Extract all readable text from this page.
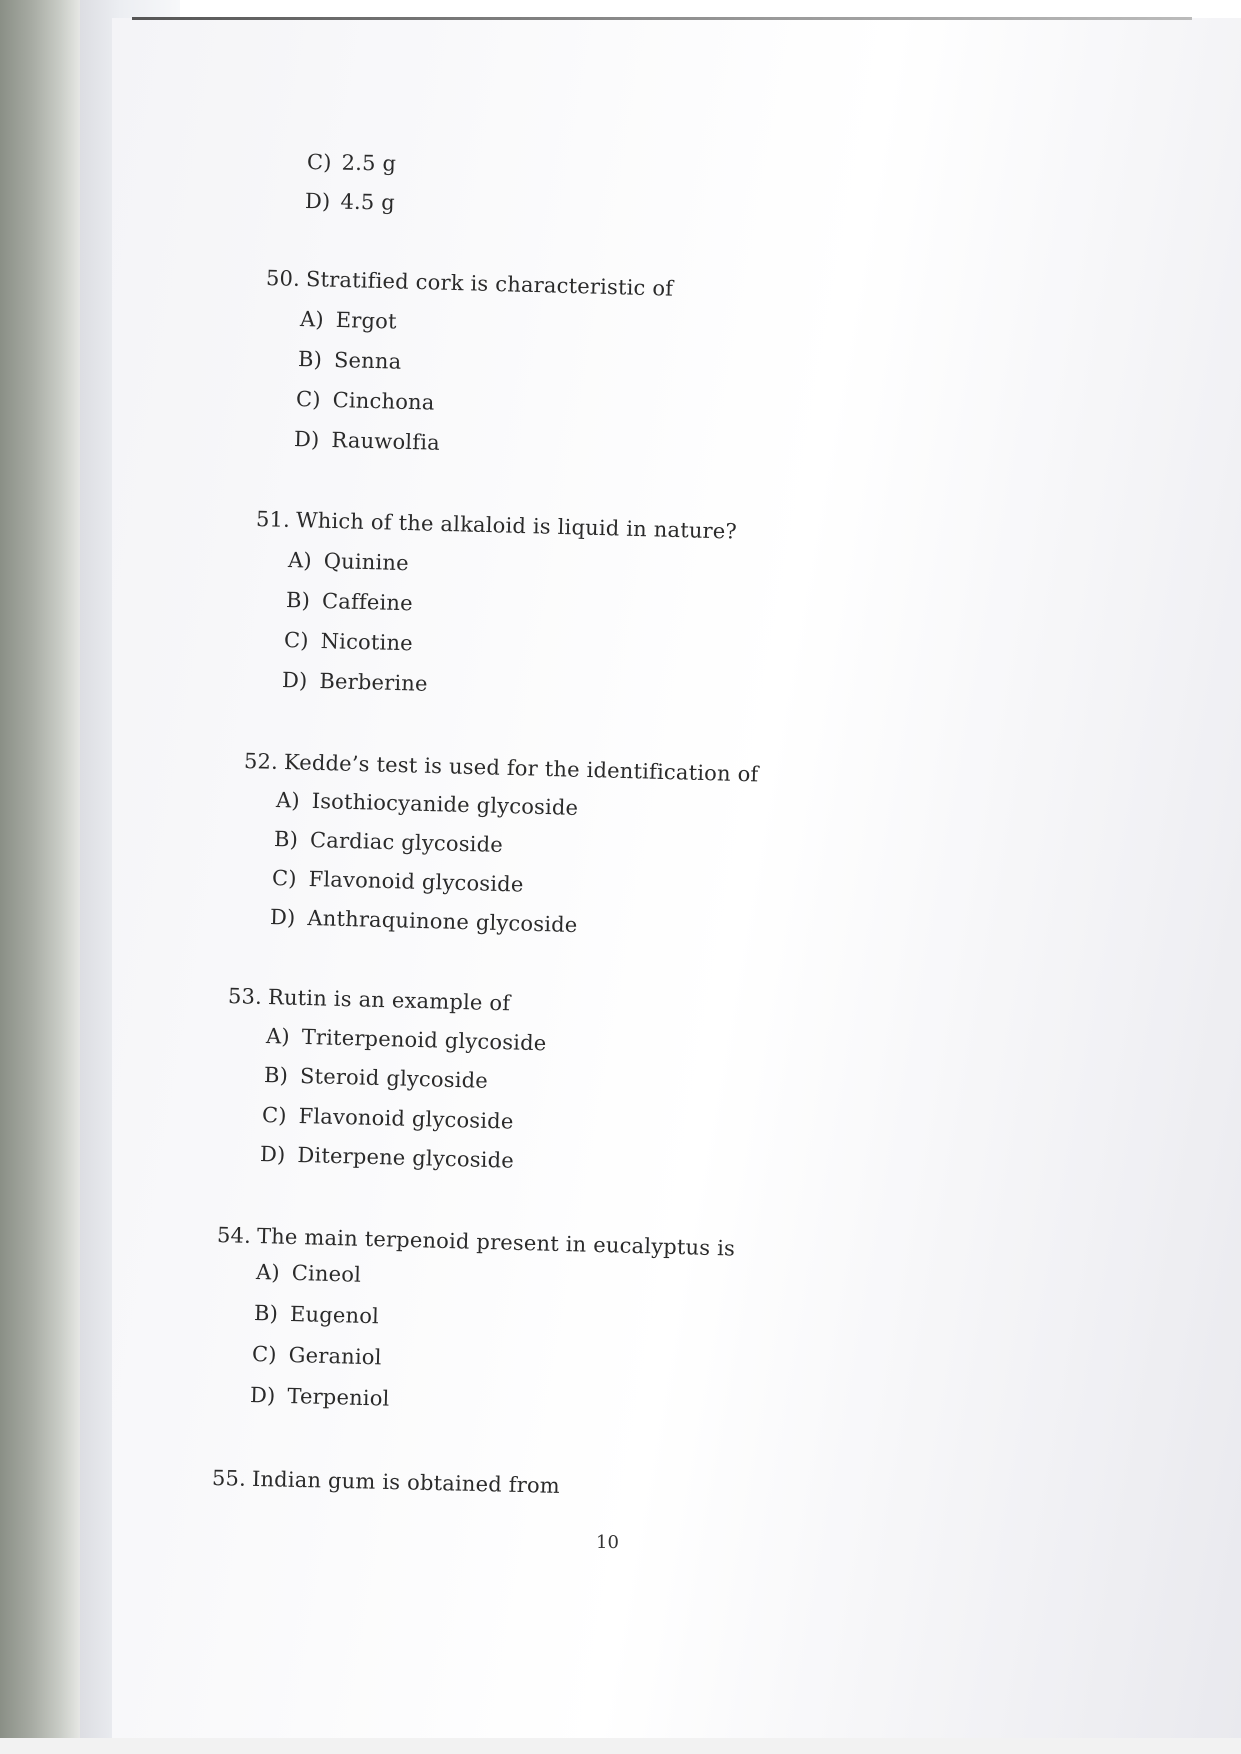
C) 2.5 g
D) 4.5 g
50. Stratified cork is characteristic of
A) Ergot
B) Senna
C) Cinchona
D) Rauwolfia
51. Which of the alkaloid is liquid in nature?
A) Quinine
B) Caffeine
C) Nicotine
D) Berberine
52. Kedde’s test is used for the identification of
A) Isothiocyanide glycoside
B) Cardiac glycoside
C) Flavonoid glycoside
D) Anthraquinone glycoside
53. Rutin is an example of
A) Triterpenoid glycoside
B) Steroid glycoside
C) Flavonoid glycoside
D) Diterpene glycoside
54. The main terpenoid present in eucalyptus is
A) Cineol
B) Eugenol
C) Geraniol
D) Terpeniol
55. Indian gum is obtained from
10
